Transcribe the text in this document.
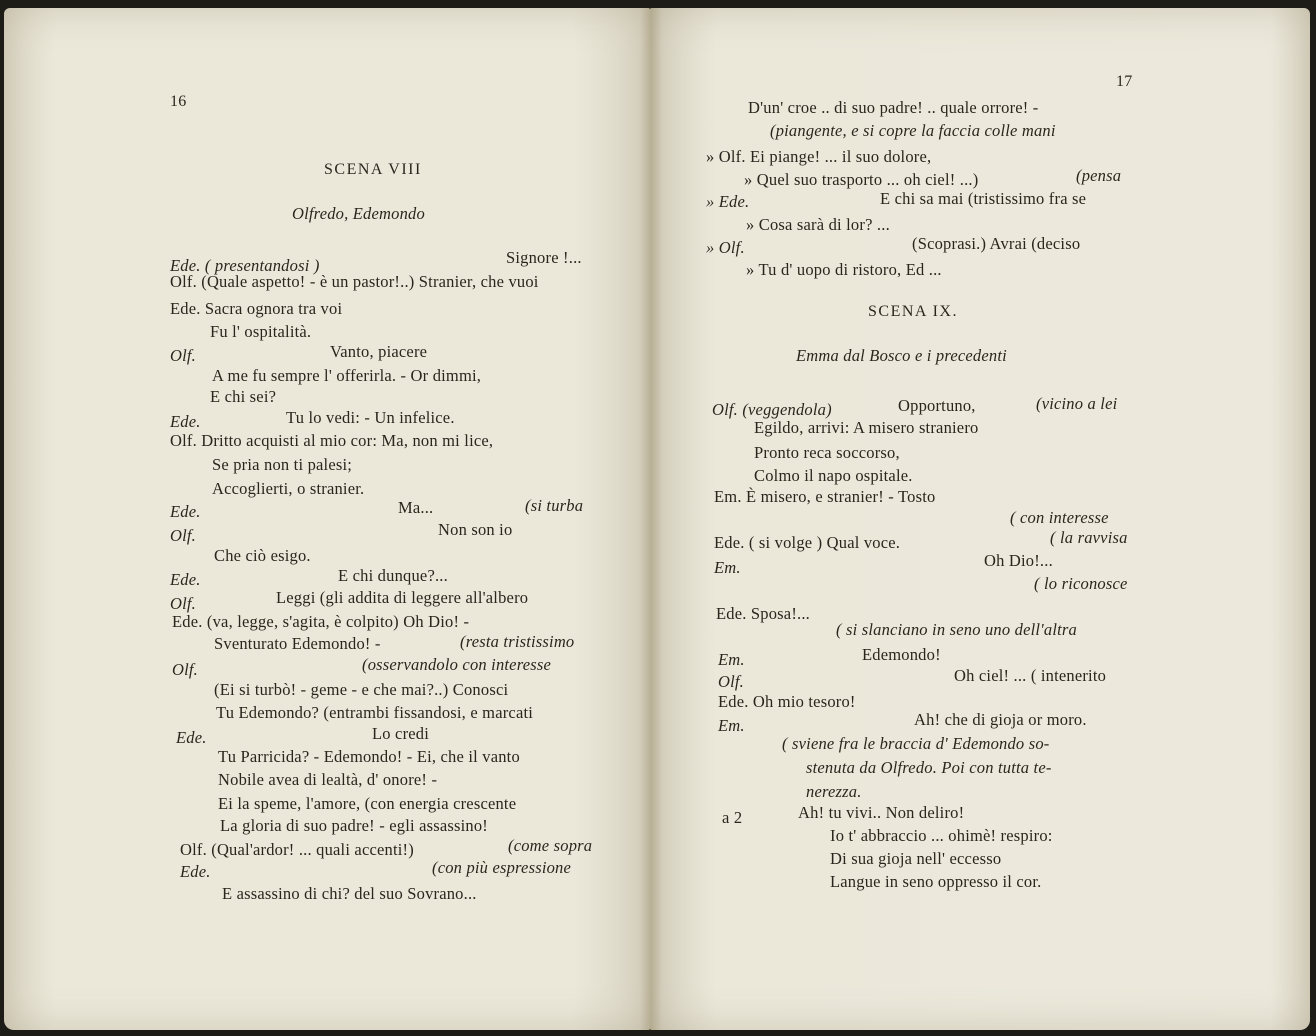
16
SCENA VIII
Olfredo, Edemondo
Ede. ( presentandosi )	Signore !...
Olf. (Quale aspetto! - è un pastor!..) Stranier, che vuoi
Ede. Sacra ognora tra voi
Fu l' ospitalità.
Olf.	Vanto, piacere
A me fu sempre l' offerirla. - Or dimmi,
E chi sei?
Ede.	Tu lo vedi: - Un infelice.
Olf. Dritto acquisti al mio cor: Ma, non mi lice,
Se pria non ti palesi;
Accoglierti, o stranier.
Ede.	Ma...	(si turba
Olf.	Non son io
Che ciò esigo.
Ede.	E chi dunque?...
Olf.	Leggi (gli addita di leggere all'albero
Ede. (va, legge, s'agita, è colpito) Oh Dio! -
Sventurato Edemondo! -	(resta tristissimo
Olf.	(osservandolo con interesse
(Ei si turbò! - geme - e che mai?..) Conosci
Tu Edemondo? (entrambi fissandosi, e marcati
Ede.	Lo credi
Tu Parricida? - Edemondo! - Ei, che il vanto
Nobile avea di lealtà, d' onore! -
Ei la speme, l'amore, (con energia crescente
La gloria di suo padre! - egli assassino!
Olf. (Qual'ardor! ... quali accenti!)	(come sopra
Ede.	(con più espressione
E assassino di chi? del suo Sovrano...
17
D'un' croe .. di suo padre! .. quale orrore! -
(piangente, e si copre la faccia colle mani
» Olf. Ei piange! ... il suo dolore,
» Quel suo trasporto ... oh ciel! ...)	(pensa
» Ede.	E chi sa mai (tristissimo fra se
» Cosa sarà di lor? ...
» Olf.	(Scoprasi.) Avrai (deciso
» Tu d' uopo di ristoro, Ed ...
SCENA IX.
Emma dal Bosco e i precedenti
Olf. (veggendola)	Opportuno,	(vicino a lei
Egildo, arrivi: A misero straniero
Pronto reca soccorso,
Colmo il napo ospitale.
Em. È misero, e stranier! - Tosto
( con interesse
Ede. ( si volge ) Qual voce.	( la ravvisa
Em.	Oh Dio!...
( lo riconosce
Ede. Sposa!...
( si slanciano in seno uno dell'altra
Em.	Edemondo!
Olf.	Oh ciel! ... ( intenerito
Ede. Oh mio tesoro!
Em.	Ah! che di gioja or moro.
( sviene fra le braccia d' Edemondo so-
stenuta da Olfredo. Poi con tutta te-
nerezza.
a 2	Ah! tu vivi.. Non deliro!
Io t' abbraccio ... ohimè! respiro:
Di sua gioja nell' eccesso
Langue in seno oppresso il cor.
